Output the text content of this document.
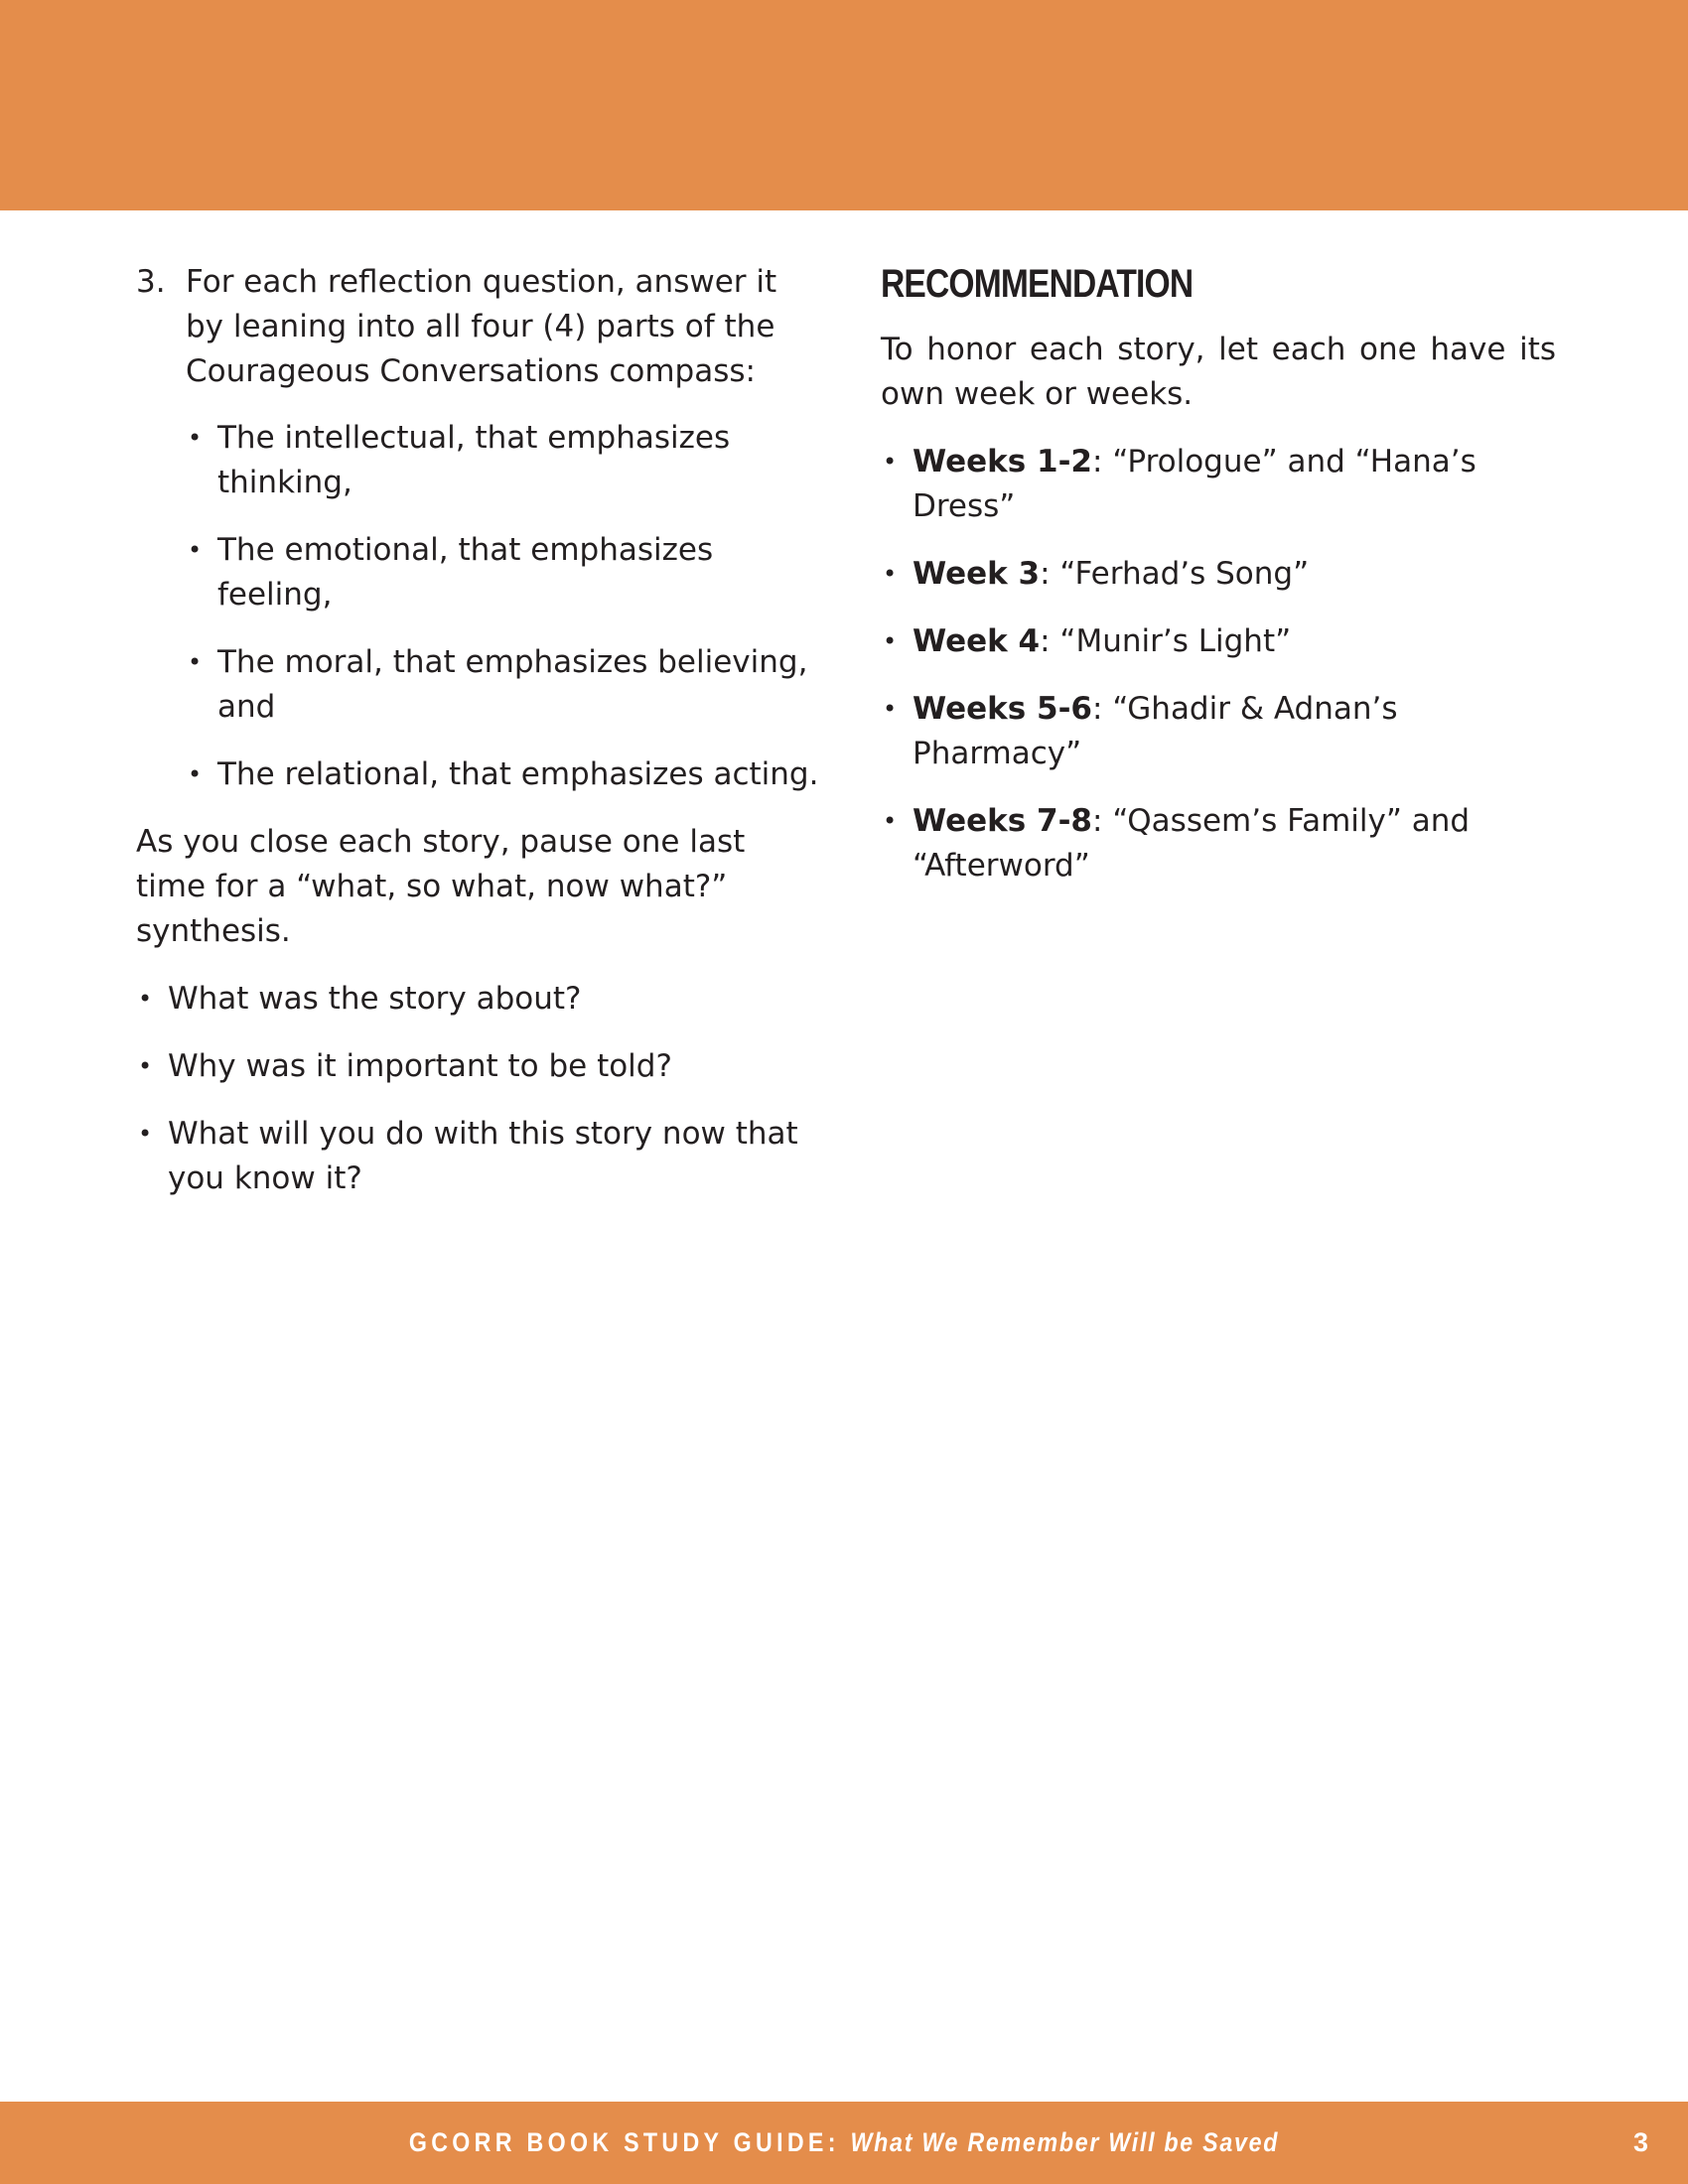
3. For each reflection question, answer it by leaning into all four (4) parts of the Courageous Conversations compass:
• The intellectual, that emphasizes thinking,
• The emotional, that emphasizes feeling,
• The moral, that emphasizes believing, and
• The relational, that emphasizes acting.

As you close each story, pause one last time for a “what, so what, now what?” synthesis.

• What was the story about?
• Why was it important to be told?
• What will you do with this story now that you know it?
RECOMMENDATION

To honor each story, let each one have its own week or weeks.

• Weeks 1-2: “Prologue” and “Hana’s Dress”
• Week 3: “Ferhad’s Song”
• Week 4: “Munir’s Light”
• Weeks 5-6: “Ghadir & Adnan’s Pharmacy”
• Weeks 7-8: “Qassem’s Family” and “Afterword”
GCORR BOOK STUDY GUIDE: What We Remember Will be Saved	3
